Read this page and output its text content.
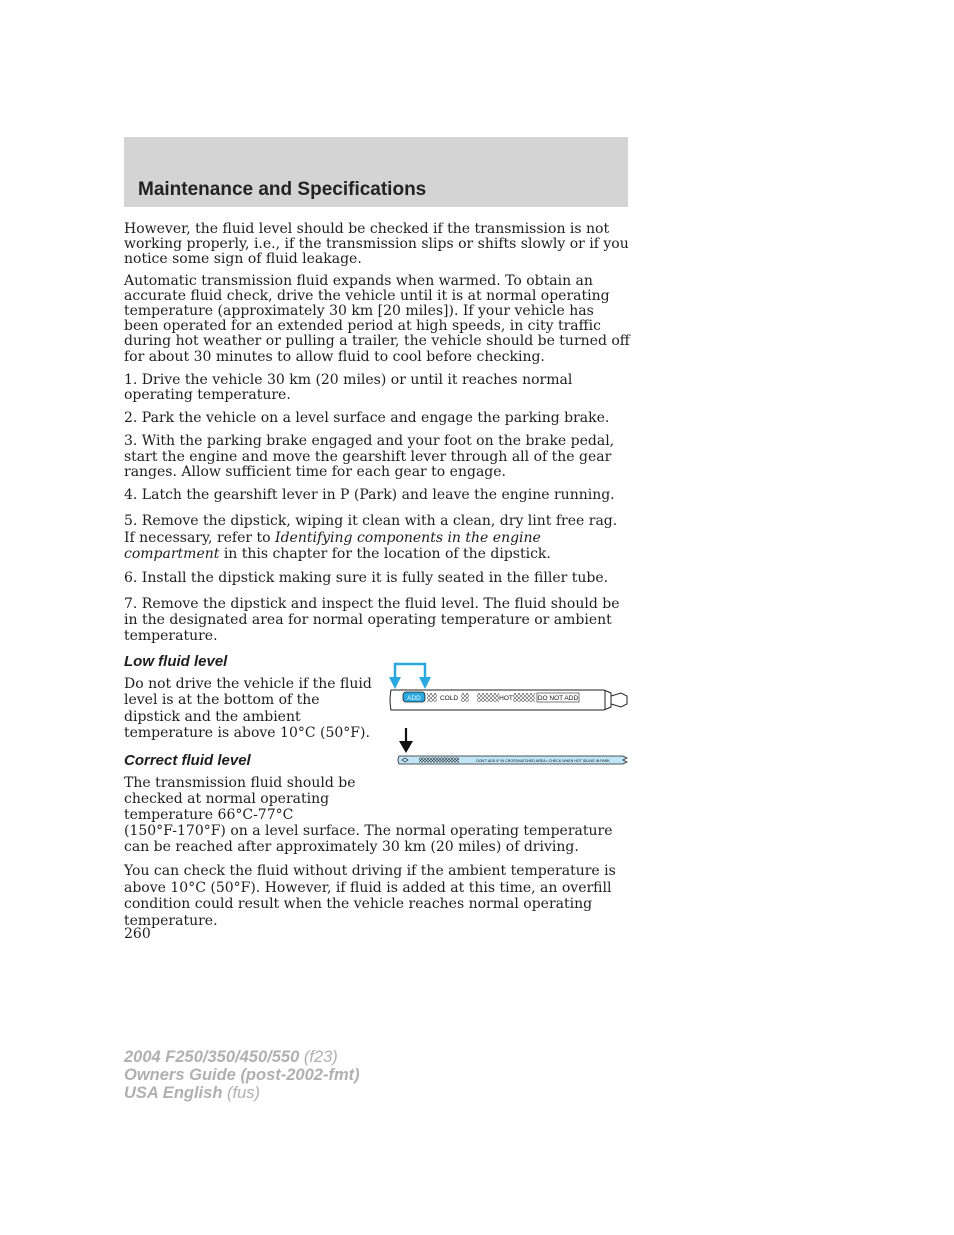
Maintenance and Specifications

However, the fluid level should be checked if the transmission is not working properly, i.e., if the transmission slips or shifts slowly or if you notice some sign of fluid leakage.

Automatic transmission fluid expands when warmed. To obtain an accurate fluid check, drive the vehicle until it is at normal operating temperature (approximately 30 km [20 miles]). If your vehicle has been operated for an extended period at high speeds, in city traffic during hot weather or pulling a trailer, the vehicle should be turned off for about 30 minutes to allow fluid to cool before checking.

1. Drive the vehicle 30 km (20 miles) or until it reaches normal operating temperature.

2. Park the vehicle on a level surface and engage the parking brake.

3. With the parking brake engaged and your foot on the brake pedal, start the engine and move the gearshift lever through all of the gear ranges. Allow sufficient time for each gear to engage.

4. Latch the gearshift lever in P (Park) and leave the engine running.

5. Remove the dipstick, wiping it clean with a clean, dry lint free rag. If necessary, refer to Identifying components in the engine compartment in this chapter for the location of the dipstick.

6. Install the dipstick making sure it is fully seated in the filler tube.

7. Remove the dipstick and inspect the fluid level. The fluid should be in the designated area for normal operating temperature or ambient temperature.

Low fluid level

Do not drive the vehicle if the fluid level is at the bottom of the dipstick and the ambient temperature is above 10°C (50°F).

Correct fluid level

The transmission fluid should be checked at normal operating temperature 66°C-77°C

(150°F-170°F) on a level surface. The normal operating temperature can be reached after approximately 30 km (20 miles) of driving.

You can check the fluid without driving if the ambient temperature is above 10°C (50°F). However, if fluid is added at this time, an overfill condition could result when the vehicle reaches normal operating temperature.

ADD	COLD	HOT	DO NOT ADD
DON'T ADD IF IN CROSSHATCHED AREA • CHECK WHEN HOT IDLING IN PARK

260

2004 F250/350/450/550 (f23)
Owners Guide (post-2002-fmt)
USA English (fus)
